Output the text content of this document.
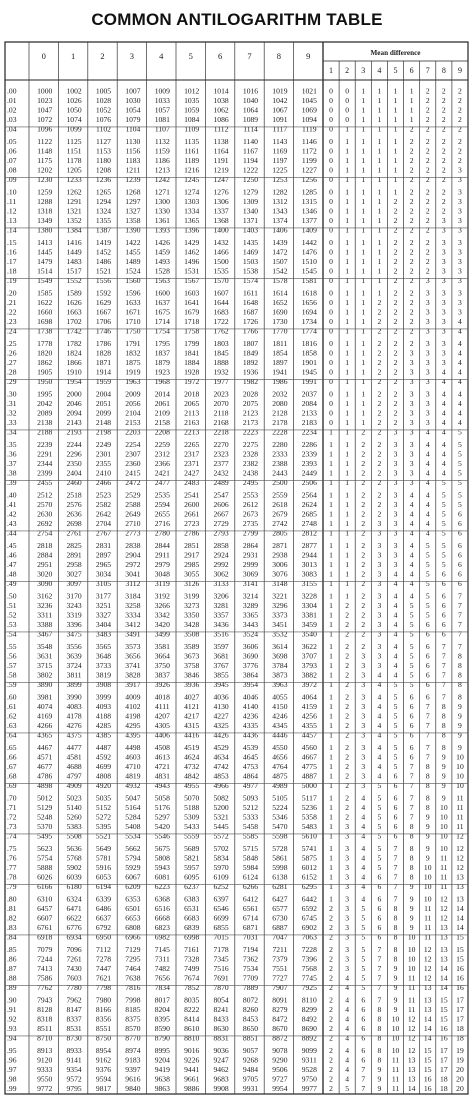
COMMON ANTILOGARITHM TABLE
0	1	2	3	4	5	6	7	8	9	Mean difference
1 2 3 4 5 6 7 8 9
.00	1000 1002 1005 1007 1009 1012 1014 1016 1019 1021 0 0 1 1 1 1 2 2 2
.01	1023 1026 1028 1030 1033 1035 1038 1040 1042 1045 0 0 1 1 1 1 2 2 2
.02	1047 1050 1052 1054 1057 1059 1062 1064 1067 1069 0 0 1 1 1 1 2 2 2
.03	1072 1074 1076 1079 1081 1084 1086 1089 1091 1094 0 0 1 1 1 1 2 2 2
.04	1096 1099 1102 1104 1107 1109 1112 1114 1117 1119 0 1 1 1 1 2 2 2 2
.05	1122 1125 1127 1130 1132 1135 1138 1140 1143 1146 0 1 1 1 1 2 2 2 2
.06	1148 1151 1153 1156 1159 1161 1164 1167 1169 1172 0 1 1 1 1 2 2 2 2
.07	1175 1178 1180 1183 1186 1189 1191 1194 1197 1199 0 1 1 1 1 2 2 2 2
.08	1202 1205 1208 1211 1213 1216 1219 1222 1225 1227 0 1 1 1 1 2 2 2 3
.09	1230 1233 1236 1239 1242 1245 1247 1250 1253 1256 0 1 1 1 1 2 2 2 3
.10	1259 1262 1265 1268 1271 1274 1276 1279 1282 1285 0 1 1 1 1 2 2 2 3
.11	1288 1291 1294 1297 1300 1303 1306 1309 1312 1315 0 1 1 1 2 2 2 2 3
.12	1318 1321 1324 1327 1330 1334 1337 1340 1343 1346 0 1 1 1 2 2 2 2 3
.13	1349 1352 1355 1358 1361 1365 1368 1371 1374 1377 0 1 1 1 2 2 2 3 3
.14	1380 1384 1387 1390 1393 1396 1400 1403 1406 1409 0 1 1 1 2 2 2 3 3
.15	1413 1416 1419 1422 1426 1429 1432 1435 1439 1442 0 1 1 1 2 2 2 3 3
.16	1445 1449 1452 1455 1459 1462 1466 1469 1472 1476 0 1 1 1 2 2 2 3 3
.17	1479 1483 1486 1489 1493 1496 1500 1503 1507 1510 0 1 1 1 2 2 2 3 3
.18	1514 1517 1521 1524 1528 1531 1535 1538 1542 1545 0 1 1 1 2 2 2 3 3
.19	1549 1552 1556 1560 1563 1567 1570 1574 1578 1581 0 1 1 1 2 2 3 3 3
.20	1585 1589 1592 1596 1600 1603 1607 1611 1614 1618 0 1 1 1 2 2 3 3 3
.21	1622 1626 1629 1633 1637 1641 1644 1648 1652 1656 0 1 1 2 2 2 3 3 3
.22	1660 1663 1667 1671 1675 1679 1683 1687 1690 1694 0 1 1 2 2 2 3 3 3
.23	1698 1702 1706 1710 1714 1718 1722 1726 1730 1734 0 1 1 2 2 2 3 3 4
.24	1738 1742 1746 1750 1754 1758 1762 1766 1770 1774 0 1 1 2 2 2 3 3 4
.25	1778 1782 1786 1791 1795 1799 1803 1807 1811 1816 0 1 1 2 2 2 3 3 4
.26	1820 1824 1828 1832 1837 1841 1845 1849 1854 1858 0 1 1 2 2 3 3 3 4
.27	1862 1866 1871 1875 1879 1884 1888 1892 1897 1901 0 1 1 2 2 3 3 3 4
.28	1905 1910 1914 1919 1923 1928 1932 1936 1941 1945 0 1 1 2 2 3 3 4 4
.29	1950 1954 1959 1963 1968 1972 1977 1982 1986 1991 0 1 1 2 2 3 3 4 4
.30	1995 2000 2004 2009 2014 2018 2023 2028 2032 2037 0 1 1 2 2 3 3 4 4
.31	2042 2046 2051 2056 2061 2065 2070 2075 2080 2084 0 1 1 2 2 3 3 4 4
.32	2089 2094 2099 2104 2109 2113 2118 2123 2128 2133 0 1 1 2 2 3 3 4 4
.33	2138 2143 2148 2153 2158 2163 2168 2173 2178 2183 0 1 1 2 2 3 3 4 4
.34	2188 2193 2198 2203 2208 2213 2218 2223 2228 2234 1 1 2 2 3 3 4 4 5
.35	2239 2244 2249 2254 2259 2265 2270 2275 2280 2286 1 1 2 2 3 3 4 4 5
.36	2291 2296 2301 2307 2312 2317 2323 2328 2333 2339 1 1 2 2 3 3 4 4 5
.37	2344 2350 2355 2360 2366 2371 2377 2382 2388 2393 1 1 2 2 3 3 4 4 5
.38	2399 2404 2410 2415 2421 2427 2432 2438 2443 2449 1 1 2 2 3 3 4 4 5
.39	2455 2460 2466 2472 2477 2483 2489 2495 2500 2506 1 1 2 2 3 3 4 5 5
.40	2512 2518 2523 2529 2535 2541 2547 2553 2559 2564 1 1 2 2 3 4 4 5 5
.41	2570 2576 2582 2588 2594 2600 2606 2612 2618 2624 1 1 2 2 3 4 4 5 5
.42	2630 2636 2642 2649 2655 2661 2667 2673 2679 2685 1 1 2 2 3 4 4 5 6
.43	2692 2698 2704 2710 2716 2723 2729 2735 2742 2748 1 1 2 3 3 4 4 5 6
.44	2754 2761 2767 2773 2780 2786 2793 2799 2805 2812 1 1 2 3 3 4 4 5 6
.45	2818 2825 2831 2838 2844 2851 2858 2864 2871 2877 1 1 2 3 3 4 5 5 6
.46	2884 2891 2897 2904 2911 2917 2924 2931 2938 2944 1 1 2 3 3 4 5 5 6
.47	2951 2958 2965 2972 2979 2985 2992 2999 3006 3013 1 1 2 3 3 4 5 5 6
.48	3020 3027 3034 3041 3048 3055 3062 3069 3076 3083 1 1 2 3 4 4 5 6 6
.49	3090 3097 3105 3112 3119 3126 3133 3141 3148 3155 1 1 2 3 4 4 5 6 6
.50	3162 3170 3177 3184 3192 3199 3206 3214 3221 3228 1 1 2 3 4 4 5 6 7
.51	3236 3243 3251 3258 3266 3273 3281 3289 3296 3304 1 2 2 3 4 5 5 6 7
.52	3311 3319 3327 3334 3342 3350 3357 3365 3373 3381 1 2 2 3 4 5 5 6 7
.53	3388 3396 3404 3412 3420 3428 3436 3443 3451 3459 1 2 2 3 4 5 6 6 7
.54	3467 3475 3483 3491 3499 3508 3516 3524 3532 3540 1 2 2 3 4 5 6 6 7
.55	3548 3556 3565 3573 3581 3589 3597 3606 3614 3622 1 2 2 3 4 5 6 7 7
.56	3631 3639 3648 3656 3664 3673 3681 3690 3698 3707 1 2 3 3 4 5 6 7 8
.57	3715 3724 3733 3741 3750 3758 3767 3776 3784 3793 1 2 3 3 4 5 6 7 8
.58	3802 3811 3819 3828 3837 3846 3855 3864 3873 3882 1 2 3 4 4 5 6 7 8
.59	3890 3899 3908 3917 3926 3936 3945 3954 3963 3972 1 2 3 4 5 5 6 7 8
.60	3981 3990 3999 4009 4018 4027 4036 4046 4055 4064 1 2 3 4 5 6 6 7 8
.61	4074 4083 4093 4102 4111 4121 4130 4140 4150 4159 1 2 3 4 5 6 7 8 9
.62	4169 4178 4188 4198 4207 4217 4227 4236 4246 4256 1 2 3 4 5 6 7 8 9
.63	4266 4276 4285 4295 4305 4315 4325 4335 4345 4355 1 2 3 4 5 6 7 8 9
.64	4365 4375 4385 4395 4406 4416 4426 4436 4446 4457 1 2 3 4 5 6 7 8 9
.65	4467 4477 4487 4498 4508 4519 4529 4539 4550 4560 1 2 3 4 5 6 7 8 9
.66	4571 4581 4592 4603 4613 4624 4634 4645 4656 4667 1 2 3 4 5 6 7 9 10
.67	4677 4688 4699 4710 4721 4732 4742 4753 4764 4775 1 2 3 4 5 7 8 9 10
.68	4786 4797 4808 4819 4831 4842 4853 4864 4875 4887 1 2 3 4 6 7 8 9 10
.69	4898 4909 4920 4932 4943 4955 4966 4977 4989 5000 1 2 3 5 6 7 8 9 10
.70	5012 5023 5035 5047 5058 5070 5082 5093 5105 5117 1 2 4 5 6 7 8 9 11
.71	5129 5140 5152 5164 5176 5188 5200 5212 5224 5236 1 2 4 5 6 7 8 10 11
.72	5248 5260 5272 5284 5297 5309 5321 5333 5346 5358 1 2 4 5 6 7 9 10 11
.73	5370 5383 5395 5408 5420 5433 5445 5458 5470 5483 1 3 4 5 6 8 9 10 11
.74	5495 5508 5521 5534 5546 5559 5572 5585 5598 5610 1 3 4 5 6 8 9 10 12
.75	5623 5636 5649 5662 5675 5689 5702 5715 5728 5741 1 3 4 5 7 8 9 10 12
.76	5754 5768 5781 5794 5808 5821 5834 5848 5861 5875 1 3 4 5 7 8 9 11 12
.77	5888 5902 5916 5929 5943 5957 5970 5984 5998 6012 1 3 4 5 7 8 10 11 12
.78	6026 6039 6053 6067 6081 6095 6109 6124 6138 6152 1 3 4 6 7 8 10 11 13
.79	6166 6180 6194 6209 6223 6237 6252 6266 6281 6295 1 3 4 6 7 9 10 11 13
.80	6310 6324 6339 6353 6368 6383 6397 6412 6427 6442 1 3 4 6 7 9 10 12 13
.81	6457 6471 6486 6501 6516 6531 6546 6561 6577 6592 2 3 5 6 8 9 11 12 14
.82	6607 6622 6637 6653 6668 6683 6699 6714 6730 6745 2 3 5 6 8 9 11 12 14
.83	6761 6776 6792 6808 6823 6839 6855 6871 6887 6902 2 3 5 6 8 9 11 13 14
.84	6918 6934 6950 6966 6982 6998 7015 7031 7047 7063 2 3 5 6 8 10 11 13 15
.85	7079 7096 7112 7129 7145 7161 7178 7194 7211 7228 2 3 5 7 8 10 12 13 15
.86	7244 7261 7278 7295 7311 7328 7345 7362 7379 7396 2 3 5 7 8 10 12 13 15
.87	7413 7430 7447 7464 7482 7499 7516 7534 7551 7568 2 3 5 7 9 10 12 14 16
.88	7586 7603 7621 7638 7656 7674 7691 7709 7727 7745 2 4 5 7 9 11 12 14 16
.89	7762 7780 7798 7816 7834 7852 7870 7889 7907 7925 2 4 5 7 9 11 13 14 16
.90	7943 7962 7980 7998 8017 8035 8054 8072 8091 8110 2 4 6 7 9 11 13 15 17
.91	8128 8147 8166 8185 8204 8222 8241 8260 8279 8299 2 4 6 8 9 11 13 15 17
.92	8318 8337 8356 8375 8395 8414 8433 8453 8472 8492 2 4 6 8 10 12 14 15 17
.93	8511 8531 8551 8570 8590 8610 8630 8650 8670 8690 2 4 6 8 10 12 14 16 18
.94	8710 8730 8750 8770 8790 8810 8831 8851 8872 8892 2 4 6 8 10 12 14 16 18
.95	8913 8933 8954 8974 8995 9016 9036 9057 9078 9099 2 4 6 8 10 12 15 17 19
.96	9120 9141 9162 9183 9204 9226 9247 9268 9290 9311 2 4 6 8 11 13 15 17 19
.97	9333 9354 9376 9397 9419 9441 9462 9484 9506 9528 2 4 7 9 11 13 15 17 20
.98	9550 9572 9594 9616 9638 9661 9683 9705 9727 9750 2 4 7 9 11 13 16 18 20
.99	9772 9795 9817 9840 9863 9886 9908 9931 9954 9977 2 5 7 9 11 14 16 18 20
